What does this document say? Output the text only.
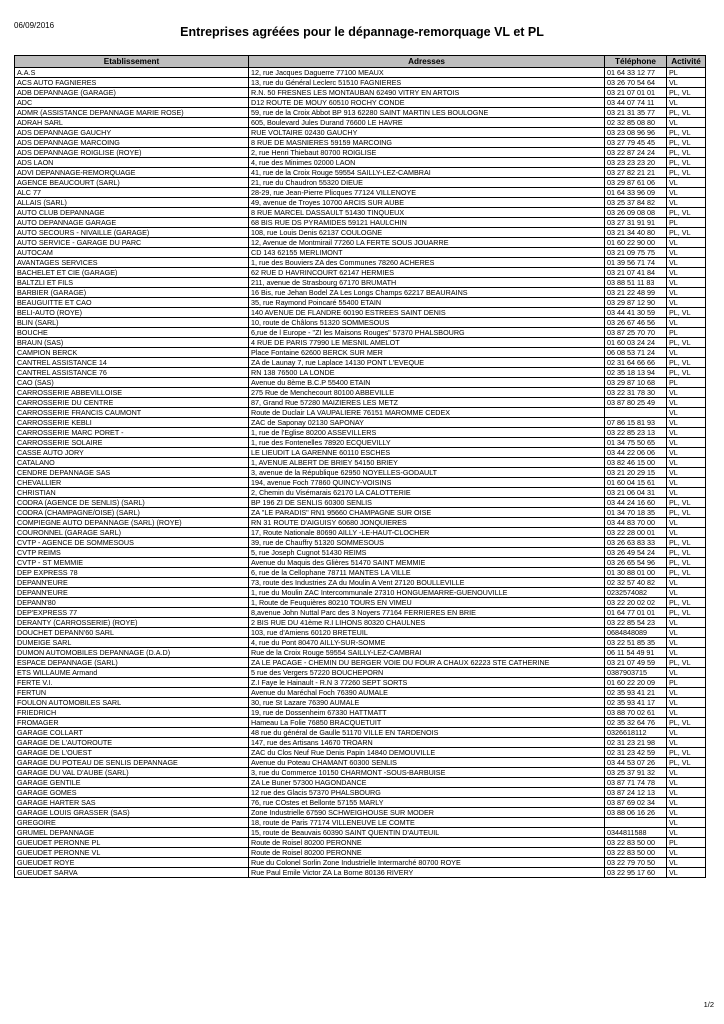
06/09/2016	Entreprises agréées pour le dépannage-remorquage VL et PL
Etablissement	Adresses	Téléphone	Activité
A.A.S	12, rue Jacques Daguerre 77100 MEAUX	01 64 33 12 77	PL
ACS AUTO FAGNIERES	13, rue du Général Leclerc 51510 FAGNIERES	03 26 70 54 64	VL
ADB DEPANNAGE (GARAGE)	R.N. 50 FRESNES LES MONTAUBAN 62490 VITRY EN ARTOIS	03 21 07 01 01	PL, VL
ADC	D12 ROUTE DE MOUY 60510 ROCHY CONDE	03 44 07 74 11	VL
ADMR (ASSISTANCE DEPANNAGE MARIE ROSE)	59, rue de la Croix Abbot BP 913 62280 SAINT MARTIN LES BOULOGNE	03 21 31 35 77	PL, VL
ADRAH SARL	605, Boulevard Jules Durand 76600 LE HAVRE	02 32 85 08 80	VL
ADS DEPANNAGE GAUCHY	RUE VOLTAIRE 02430 GAUCHY	03 23 08 96 96	PL, VL
ADS DEPANNAGE MARCOING	8 RUE DE MASNIERES 59159 MARCOING	03 27 79 45 45	PL, VL
ADS DEPANNAGE ROIGLISE (ROYE)	2, rue Henri Thiebaut 80700 ROIGLISE	03 22 87 24 24	PL, VL
ADS LAON	4, rue des Minimes 02000 LAON	03 23 23 23 20	PL, VL
ADVI DEPANNAGE-REMORQUAGE	41, rue de la Croix Rouge 59554 SAILLY-LEZ-CAMBRAI	03 27 82 21 21	PL, VL
AGENCE BEAUCOURT (SARL)	21, rue du Chaudron 55320 DIEUE	03 29 87 61 06	VL
ALC 77	28-29, rue Jean-Pierre Plicques 77124 VILLENOYE	01 64 33 96 09	VL
ALLAIS (SARL)	49, avenue de Troyes 10700 ARCIS SUR AUBE	03 25 37 84 82	VL
AUTO CLUB DEPANNAGE	8 RUE MARCEL DASSAULT 51430 TINQUEUX	03 26 09 08 08	PL, VL
AUTO DEPANNAGE GARAGE	68 BIS RUE DS PYRAMIDES 59121 HAULCHIN	03 27 31 91 91	PL
AUTO SECOURS - NIVAILLE (GARAGE)	108, rue Louis Denis 62137 COULOGNE	03 21 34 40 80	PL, VL
AUTO SERVICE - GARAGE DU PARC	12, Avenue de Montmirail 77260 LA FERTE SOUS JOUARRE	01 60 22 90 00	VL
AUTOCAM	CD 143 62155 MERLIMONT	03 21 09 75 75	VL
AVANTAGES SERVICES	1, rue des Bouviers ZA des Communes 78260 ACHERES	01 39 56 71 74	VL
BACHELET ET CIE (GARAGE)	62 RUE D HAVRINCOURT 62147 HERMIES	03 21 07 41 84	VL
BALTZLI ET FILS	211, avenue de Strasbourg 67170 BRUMATH	03 88 51 11 83	VL
BARBIER (GARAGE)	16 Bis, rue Jehan Bodel ZA Les Longs Champs 62217 BEAURAINS	03 21 22 48 99	VL
BEAUGUITTE ET CAO	35, rue Raymond Poincaré 55400 ETAIN	03 29 87 12 90	VL
BELI-AUTO (ROYE)	140 AVENUE DE FLANDRE 60190 ESTREES SAINT DENIS	03 44 41 30 59	PL, VL
BLIN (SARL)	10, route de Châlons 51320 SOMMESOUS	03 26 67 46 56	VL
BOUCHE	6,rue de l Europe - "ZI les Maisons Rouges" 57370 PHALSBOURG	03 87 25 70 70	PL
BRAUN (SAS)	4 RUE DE PARIS 77990 LE MESNIL AMELOT	01 60 03 24 24	PL, VL
CAMPION BERCK	Place Fontaine 62600 BERCK SUR MER	06 08 53 71 24	VL
CANTREL ASSISTANCE 14	ZA de Launay 7, rue Laplace 14130 PONT L'EVEQUE	02 31 64 66 66	PL, VL
CANTREL ASSISTANCE 76	RN 138 76500 LA LONDE	02 35 18 13 94	PL, VL
CAO (SAS)	Avenue du 8ème B.C.P 55400 ETAIN	03 29 87 10 68	PL
CARROSSERIE ABBEVILLOISE	275 Rue de Menchecourt 80100 ABBEVILLE	03 22 31 78 30	VL
CARROSSERIE DU CENTRE	87, Grand Rue 57280 MAIZIERES LES METZ	03 87 80 25 49	VL
CARROSSERIE FRANCIS CAUMONT	Route de Duclair LA VAUPALIERE 76151 MAROMME CEDEX		VL
CARROSSERIE KEBLI	ZAC de Saponay 02130 SAPONAY	07 86 15 81 93	VL
CARROSSERIE MARC PORET -	1, rue de l'Eglise 80200 ASSEVILLERS	03 22 85 23 13	VL
CARROSSERIE SOLAIRE	1, rue des Fontenelles 78920 ECQUEVILLY	01 34 75 50 65	VL
CASSE AUTO JORY	LE LIEUDIT LA GARENNE 60110 ESCHES	03 44 22 06 06	VL
CATALANO	1, AVENUE ALBERT DE BRIEY 54150 BRIEY	03 82 46 15 00	VL
CENDRE DEPANNAGE SAS	3, avenue de la République 62950 NOYELLES-GODAULT	03 21 20 29 15	VL
CHEVALLIER	194, avenue Foch 77860 QUINCY-VOISINS	01 60 04 15 61	VL
CHRISTIAN	2, Chemin du Visémarais 62170 LA CALOTTERIE	03 21 06 04 31	VL
CODRA (AGENCE DE SENLIS) (SARL)	BP 196 ZI DE SENLIS 60300 SENLIS	03 44 24 16 60	PL, VL
CODRA (CHAMPAGNE/OISE) (SARL)	ZA "LE PARADIS" RN1 95660 CHAMPAGNE SUR OISE	01 34 70 18 35	PL, VL
COMPIEGNE AUTO DEPANNAGE (SARL) (ROYE)	RN 31 ROUTE D'AIGUISY 60680 JONQUIERES	03 44 83 70 00	VL
COURONNEL (GARAGE SARL)	17, Route Nationale 80690 AILLY -LE-HAUT-CLOCHER	03 22 28 00 01	VL
CVTP - AGENCE DE SOMMESOUS	39, rue de Chauffry 51320 SOMMESOUS	03 26 63 83 33	PL, VL
CVTP REIMS	5, rue Joseph Cugnot 51430 REIMS	03 26 49 54 24	PL, VL
CVTP - ST MEMMIE	Avenue du Maquis des Glières 51470 SAINT MEMMIE	03 26 65 54 96	PL, VL
DEP EXPRESS 78	6, rue de la Cellophane 78711 MANTES LA VILLE	01 30 88 01 00	PL, VL
DEPANN'EURE	73, route des Industries ZA du Moulin A Vent 27120 BOULLEVILLE	02 32 57 40 82	VL
DEPANN'EURE	1, rue du Moulin ZAC Intercommunale 27310 HONGUEMARRE-GUENOUVILLE	0232574082	VL
DEPANN'80	1, Route de Feuquières 80210 TOURS EN VIMEU	03 22 20 02 02	PL, VL
DEP'EXPRESS 77	8,avenue John Nuttal Parc des 3 Noyers 77164 FERRIERES EN BRIE	01 64 77 01 01	PL, VL
DERANTY (CARROSSERIE) (ROYE)	2 BIS RUE DU 41ème R.I LIHONS 80320 CHAULNES	03 22 85 54 23	VL
DOUCHET DEPANN'60 SARL	103, rue d'Amiens 60120 BRETEUIL	0684848089	VL
DUMEIGE SARL	4, rue du Pont 80470 AILLY-SUR-SOMME	03 22 51 85 35	VL
DUMON AUTOMOBILES DEPANNAGE (D.A.D)	Rue de la Croix Rouge 59554 SAILLY-LEZ-CAMBRAI	06 11 54 49 91	VL
ESPACE DEPANNAGE (SARL)	ZA LE PACAGE - CHEMIN DU BERGER VOIE DU FOUR A CHAUX 62223 STE CATHERINE	03 21 07 49 59	PL, VL
ETS WILLAUME Armand	5 rue des Vergers 57220 BOUCHEPORN	0387903715	VL
FERTE V.I.	Z.I Faye le Hainault - R.N 3 77260 SEPT SORTS	01 60 22 20 09	PL
FERTUN	Avenue du Maréchal Foch 76390 AUMALE	02 35 93 41 21	VL
FOULON AUTOMOBILES SARL	30, rue St Lazare 76390 AUMALE	02 35 93 41 17	VL
FRIEDRICH	19, rue de Dossenheim 67330 HATTMATT	03 88 70 02 61	VL
FROMAGER	Hameau La Folie 76850 BRACQUETUIT	02 35 32 64 76	PL, VL
GARAGE COLLART	48 rue du général de Gaulle 51170 VILLE EN TARDENOIS	0326618112	VL
GARAGE DE L'AUTOROUTE	147, rue des Artisans 14670 TROARN	02 31 23 21 98	VL
GARAGE DE L'OUEST	ZAC du Clos Neuf Rue Denis Papin 14840 DEMOUVILLE	02 31 23 42 59	PL, VL
GARAGE DU POTEAU DE SENLIS DEPANNAGE	Avenue du Poteau CHAMANT 60300 SENLIS	03 44 53 07 26	PL, VL
GARAGE DU VAL D'AUBE (SARL)	3, rue du Commerce 10150 CHARMONT -SOUS-BARBUISE	03 25 37 91 32	VL
GARAGE GENTILE	ZA Le Buner 57300 HAGONDANCE	03 87 71 74 78	VL
GARAGE GOMES	12 rue des Glacis 57370 PHALSBOURG	03 87 24 12 13	VL
GARAGE HARTER SAS	76, rue COstes et Bellonte 57155 MARLY	03 87 69 02 34	VL
GARAGE LOUIS GRASSER (SAS)	Zone Industrielle 67590 SCHWEIGHOUSE SUR MODER	03 88 06 16 26	VL
GREGOIRE	18, route de Paris 77174 VILLENEUVE LE COMTE		VL
GRUMEL DEPANNAGE	15, route de Beauvais 60390 SAINT QUENTIN D'AUTEUIL	0344811588	VL
GUEUDET PERONNE PL	Route de Roisel 80200 PERONNE	03 22 83 50 00	PL
GUEUDET PERONNE VL	Route de Roisel 80200 PERONNE	03 22 83 50 00	VL
GUEUDET ROYE	Rue du Colonel Sorlin Zone Industrielle Intermarché 80700 ROYE	03 22 79 70 50	VL
GUEUDET SARVA	Rue Paul Emile Victor ZA La Borne 80136 RIVERY	03 22 95 17 60	VL
1/2
